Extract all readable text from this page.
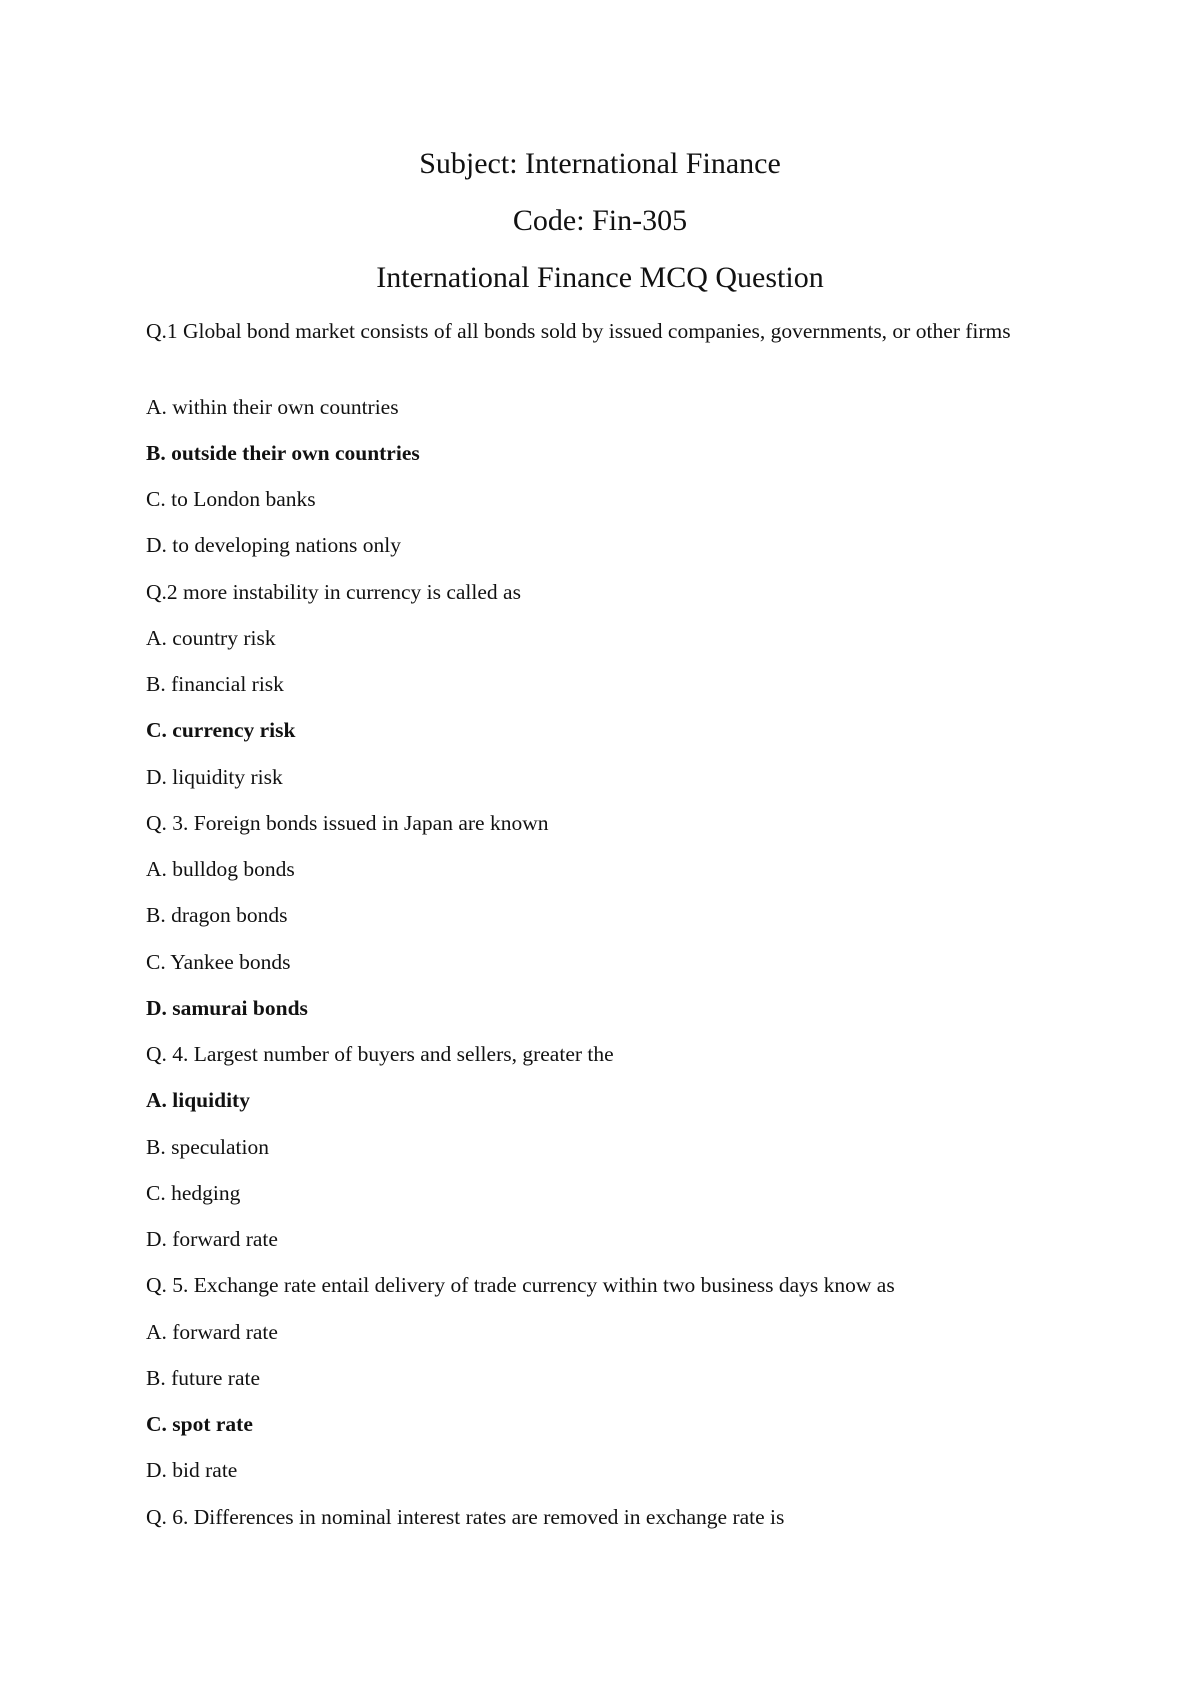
Subject: International Finance
Code: Fin-305
International Finance MCQ Question
Q.1 Global bond market consists of all bonds sold by issued companies, governments, or other firms
A. within their own countries
B. outside their own countries
C. to London banks
D. to developing nations only
Q.2 more instability in currency is called as
A. country risk
B. financial risk
C. currency risk
D. liquidity risk
Q. 3. Foreign bonds issued in Japan are known
A. bulldog bonds
B. dragon bonds
C. Yankee bonds
D. samurai bonds
Q. 4. Largest number of buyers and sellers, greater the
A. liquidity
B. speculation
C. hedging
D. forward rate
Q. 5. Exchange rate entail delivery of trade currency within two business days know as
A. forward rate
B. future rate
C. spot rate
D. bid rate
Q. 6. Differences in nominal interest rates are removed in exchange rate is
